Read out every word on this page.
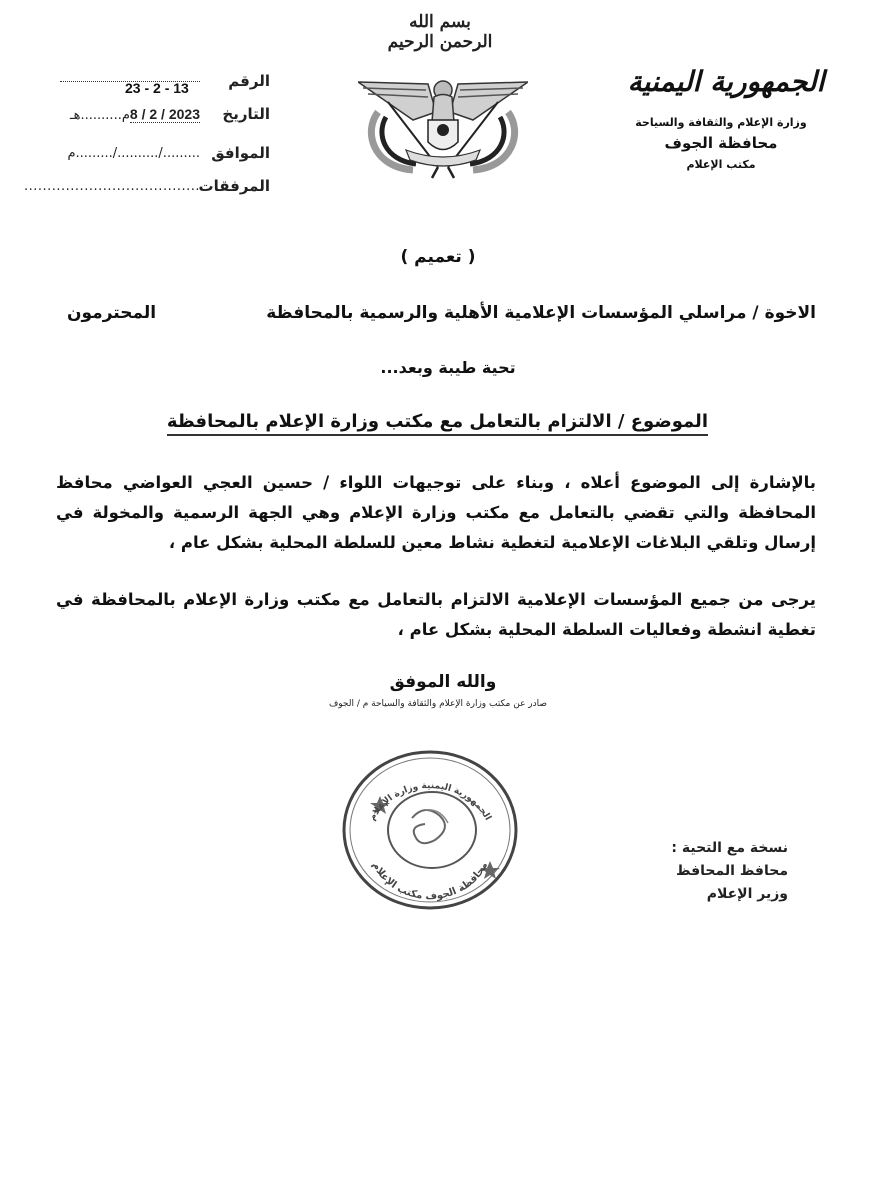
الرقم
23 - 2 - 13
التاريخ
2023 / 2 / 8م..........هـ
الموافق
........./........../.........م
المرفقات
......................................
بسم الله الرحمن الرحيم
الجمهورية اليمنية
وزارة الإعلام والثقافة والسياحة
محافظة الجوف
مكتب الإعلام
( تعميم )
الاخوة / مراسلي المؤسسات الإعلامية الأهلية والرسمية بالمحافظة
المحترمون
تحية طيبة وبعد...
الموضوع / الالتزام بالتعامل مع مكتب وزارة الإعلام بالمحافظة
بالإشارة إلى الموضوع أعلاه ، وبناء على توجيهات اللواء / حسين العجي العواضي محافظ المحافظة والتي تقضي بالتعامل مع مكتب وزارة الإعلام وهي الجهة الرسمية والمخولة في إرسال وتلقي البلاغات الإعلامية لتغطية نشاط معين للسلطة المحلية بشكل عام ،
يرجى من جميع المؤسسات الإعلامية الالتزام بالتعامل مع مكتب وزارة الإعلام بالمحافظة في تغطية انشطة وفعاليات السلطة المحلية بشكل عام ،
والله الموفق
صادر عن مكتب وزارة الإعلام والثقافة والسياحة م / الجوف
الجمهورية اليمنية وزارة الإعلام
محافظة الجوف مكتب الإعلام
نسخة مع التحية :
محافظ المحافظ
وزير الإعلام
